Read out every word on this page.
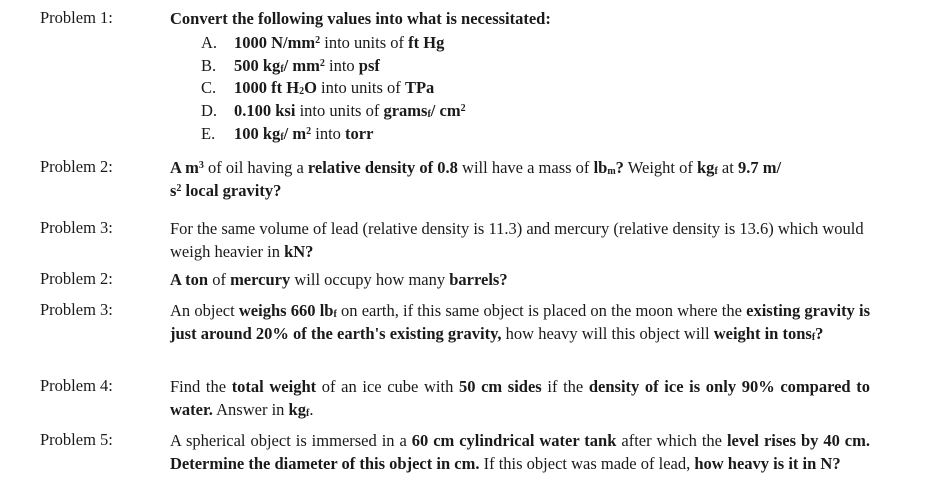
Problem 1:	Convert the following values into what is necessitated:
A. 1000 $N/mm^2$ into units of ft Hg
B. 500 $kg_f/$ $mm^2$ into psf
C. 1000 ft $H_2O$ into units of TPa
D. 0.100 ksi into units of grams$_f$/ $cm^2$
E. 100 $kg_f/$ $m^2$ into torr
Problem 2:	A $m^3$ of oil having a relative density of 0.8 will have a mass of $lb_m$? Weight of $kg_f$ at 9.7 m/
$s^2$ local gravity?
Problem 3:	For the same volume of lead (relative density is 11.3) and mercury (relative density is 13.6) which would weigh heavier in kN?
Problem 2:	A ton of mercury will occupy how many barrels?
Problem 3:	An object weighs 660 $lb_f$ on earth, if this same object is placed on the moon where the existing gravity is just around 20% of the earth's existing gravity, how heavy will this object will weight in tons$_f$?
Problem 4:	Find the total weight of an ice cube with 50 cm sides if the density of ice is only 90% compared to water. Answer in $kg_f$.
Problem 5:	A spherical object is immersed in a 60 cm cylindrical water tank after which the level rises by 40 cm. Determine the diameter of this object in cm. If this object was made of lead, how heavy is it in N?
